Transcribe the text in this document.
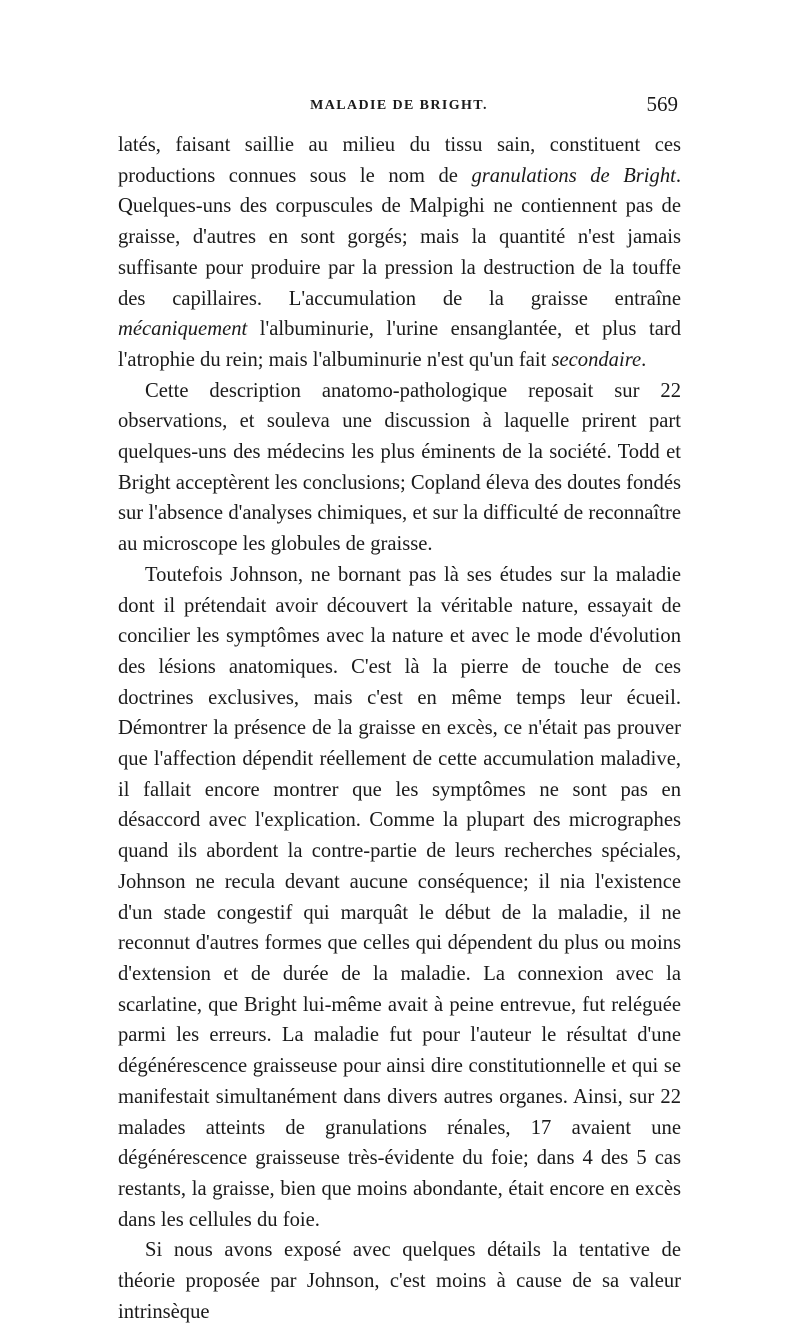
MALADIE DE BRIGHT.	569

latés, faisant saillie au milieu du tissu sain, constituent ces productions connues sous le nom de granulations de Bright. Quelques-uns des corpuscules de Malpighi ne contiennent pas de graisse, d'autres en sont gorgés; mais la quantité n'est jamais suffisante pour produire par la pression la destruction de la touffe des capillaires. L'accumulation de la graisse entraîne mécaniquement l'albuminurie, l'urine ensanglantée, et plus tard l'atrophie du rein; mais l'albuminurie n'est qu'un fait secondaire.

Cette description anatomo-pathologique reposait sur 22 observations, et souleva une discussion à laquelle prirent part quelques-uns des médecins les plus éminents de la société. Todd et Bright acceptèrent les conclusions; Copland éleva des doutes fondés sur l'absence d'analyses chimiques, et sur la difficulté de reconnaître au microscope les globules de graisse.

Toutefois Johnson, ne bornant pas là ses études sur la maladie dont il prétendait avoir découvert la véritable nature, essayait de concilier les symptômes avec la nature et avec le mode d'évolution des lésions anatomiques. C'est là la pierre de touche de ces doctrines exclusives, mais c'est en même temps leur écueil. Démontrer la présence de la graisse en excès, ce n'était pas prouver que l'affection dépendit réellement de cette accumulation maladive, il fallait encore montrer que les symptômes ne sont pas en désaccord avec l'explication. Comme la plupart des micrographes quand ils abordent la contre-partie de leurs recherches spéciales, Johnson ne recula devant aucune conséquence; il nia l'existence d'un stade congestif qui marquât le début de la maladie, il ne reconnut d'autres formes que celles qui dépendent du plus ou moins d'extension et de durée de la maladie. La connexion avec la scarlatine, que Bright lui-même avait à peine entrevue, fut reléguée parmi les erreurs. La maladie fut pour l'auteur le résultat d'une dégénérescence graisseuse pour ainsi dire constitutionnelle et qui se manifestait simultanément dans divers autres organes. Ainsi, sur 22 malades atteints de granulations rénales, 17 avaient une dégénérescence graisseuse très-évidente du foie; dans 4 des 5 cas restants, la graisse, bien que moins abondante, était encore en excès dans les cellules du foie.

Si nous avons exposé avec quelques détails la tentative de théorie proposée par Johnson, c'est moins à cause de sa valeur intrinsèque
